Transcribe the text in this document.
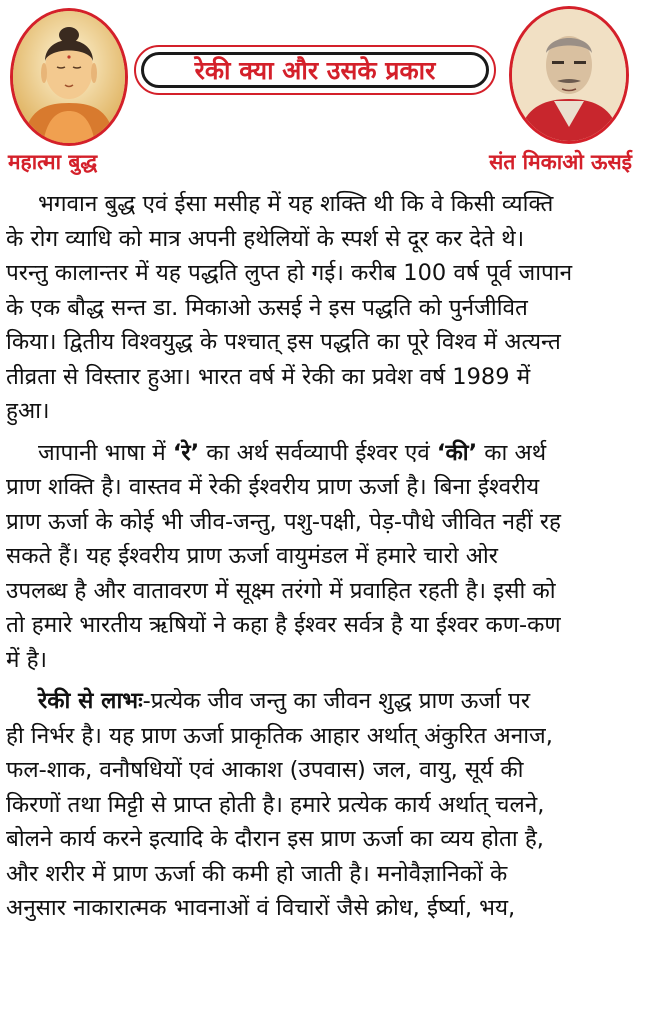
महात्मा बुद्ध	संत मिकाओ ऊसई
रेकी क्या और उसके प्रकार
भगवान बुद्ध एवं ईसा मसीह में यह शक्ति थी कि वे किसी व्यक्ति
के रोग व्याधि को मात्र अपनी हथेलियों के स्पर्श से दूर कर देते थे।
परन्तु कालान्तर में यह पद्धति लुप्त हो गई। करीब 100 वर्ष पूर्व जापान
के एक बौद्ध सन्त डा. मिकाओ ऊसई ने इस पद्धति को पुर्नजीवित
किया। द्वितीय विश्वयुद्ध के पश्चात् इस पद्धति का पूरे विश्व में अत्यन्त
तीव्रता से विस्तार हुआ। भारत वर्ष में रेकी का प्रवेश वर्ष 1989 में
हुआ।
जापानी भाषा में ‘रे’ का अर्थ सर्वव्यापी ईश्वर एवं ‘की’ का अर्थ
प्राण शक्ति है। वास्तव में रेकी ईश्वरीय प्राण ऊर्जा है। बिना ईश्वरीय
प्राण ऊर्जा के कोई भी जीव-जन्तु, पशु-पक्षी, पेड़-पौधे जीवित नहीं रह
सकते हैं। यह ईश्वरीय प्राण ऊर्जा वायुमंडल में हमारे चारो ओर
उपलब्ध है और वातावरण में सूक्ष्म तरंगो में प्रवाहित रहती है। इसी को
तो हमारे भारतीय ऋषियों ने कहा है ईश्वर सर्वत्र है या ईश्वर कण-कण
में है।
रेकी से लाभः-प्रत्येक जीव जन्तु का जीवन शुद्ध प्राण ऊर्जा पर
ही निर्भर है। यह प्राण ऊर्जा प्राकृतिक आहार अर्थात् अंकुरित अनाज,
फल-शाक, वनौषधियों एवं आकाश (उपवास) जल, वायु, सूर्य की
किरणों तथा मिट्टी से प्राप्त होती है। हमारे प्रत्येक कार्य अर्थात् चलने,
बोलने कार्य करने इत्यादि के दौरान इस प्राण ऊर्जा का व्यय होता है,
और शरीर में प्राण ऊर्जा की कमी हो जाती है। मनोवैज्ञानिकों के
अनुसार नाकारात्मक भावनाओं वं विचारों जैसे क्रोध, ईर्ष्या, भय,
